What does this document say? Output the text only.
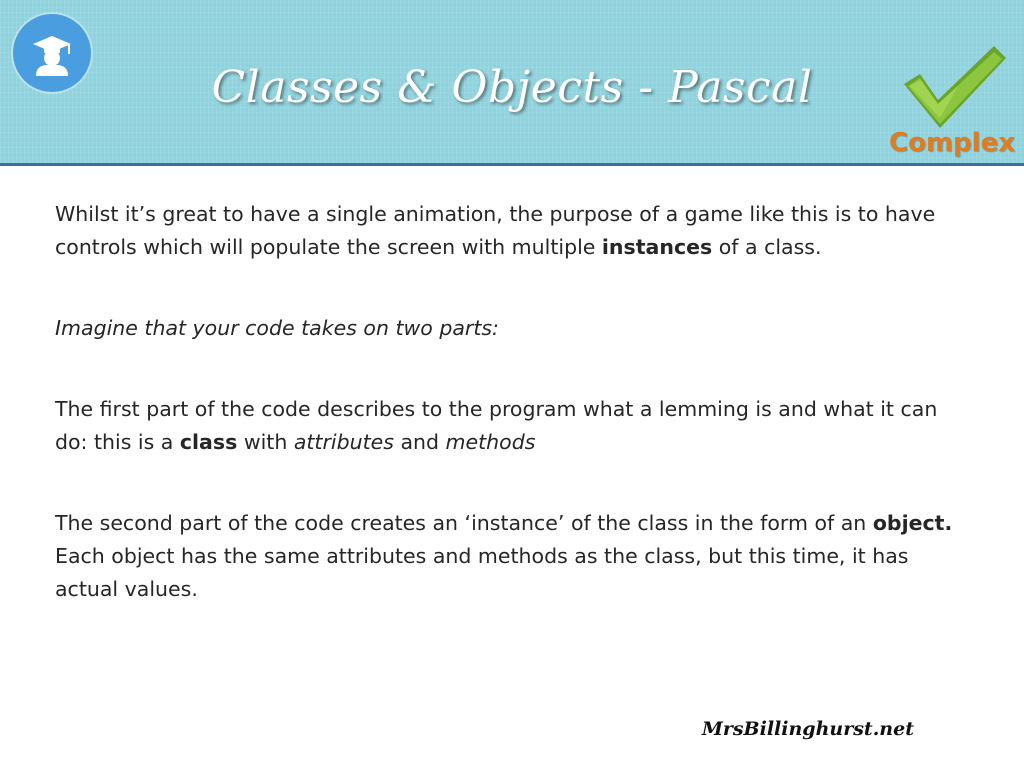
Classes & Objects - Pascal
Complex

Whilst it’s great to have a single animation, the purpose of a game like this is to have controls which will populate the screen with multiple instances of a class.

Imagine that your code takes on two parts:

The first part of the code describes to the program what a lemming is and what it can do: this is a class with attributes and methods

The second part of the code creates an ‘instance’ of the class in the form of an object. Each object has the same attributes and methods as the class, but this time, it has actual values.

MrsBillinghurst.net
